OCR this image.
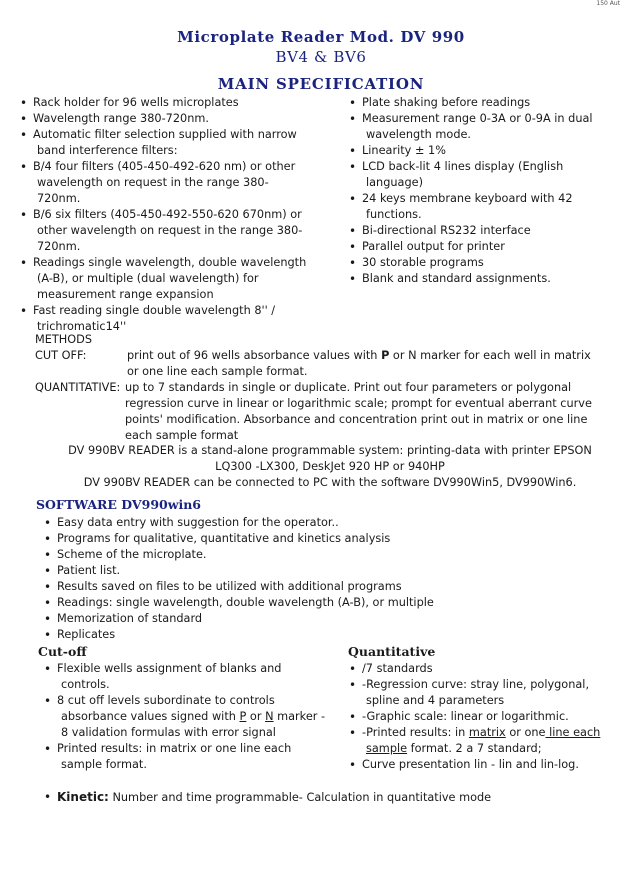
150 Aut
Microplate Reader Mod. DV 990
BV4 & BV6
MAIN SPECIFICATION
• Rack holder for 96 wells microplates
• Wavelength range 380-720nm.
• Automatic filter selection supplied with narrow
band interference filters:
• B/4 four filters (405-450-492-620 nm) or other
wavelength on request in the range 380-720nm.
• B/6 six filters (405-450-492-550-620 670nm) or
other wavelength on request in the range 380-
720nm.
• Readings single wavelength, double wavelength
(A-B), or multiple (dual wavelength) for
measurement range expansion
• Fast reading single double wavelength 8'' /
trichromatic14''
• Plate shaking before readings
• Measurement range 0-3A or 0-9A in dual
wavelength mode.
• Linearity ± 1%
• LCD back-lit 4 lines display (English
language)
• 24 keys membrane keyboard with 42
functions.
• Bi-directional RS232 interface
• Parallel output for printer
• 30 storable programs
• Blank and standard assignments.
METHODS
CUT OFF:	print out of 96 wells absorbance values with P or N marker for each well in matrix
or one line each sample format.
QUANTITATIVE: up to 7 standards in single or duplicate. Print out four parameters or polygonal
regression curve in linear or logarithmic scale; prompt for eventual aberrant curve
points' modification. Absorbance and concentration print out in matrix or one line
each sample format
DV 990BV READER is a stand-alone programmable system: printing-data with printer EPSON
LQ300 -LX300, DeskJet 920 HP or 940HP
DV 990BV READER can be connected to PC with the software DV990Win5, DV990Win6.
SOFTWARE DV990win6
• Easy data entry with suggestion for the operator..
• Programs for qualitative, quantitative and kinetics analysis
• Scheme of the microplate.
• Patient list.
• Results saved on files to be utilized with additional programs
• Readings: single wavelength, double wavelength (A-B), or multiple
• Memorization of standard
• Replicates
Cut-off	Quantitative
• Flexible wells assignment of blanks and
controls.
• 8 cut off levels subordinate to controls
absorbance values signed with P or N marker -
8 validation formulas with error signal
• Printed results: in matrix or one line each
sample format.
• /7 standards
• -Regression curve: stray line, polygonal,
spline and 4 parameters
• -Graphic scale: linear or logarithmic.
• -Printed results: in matrix or one line each
sample format. 2 a 7 standard;
• Curve presentation lin - lin and lin-log.
• Kinetic: Number and time programmable- Calculation in quantitative mode
